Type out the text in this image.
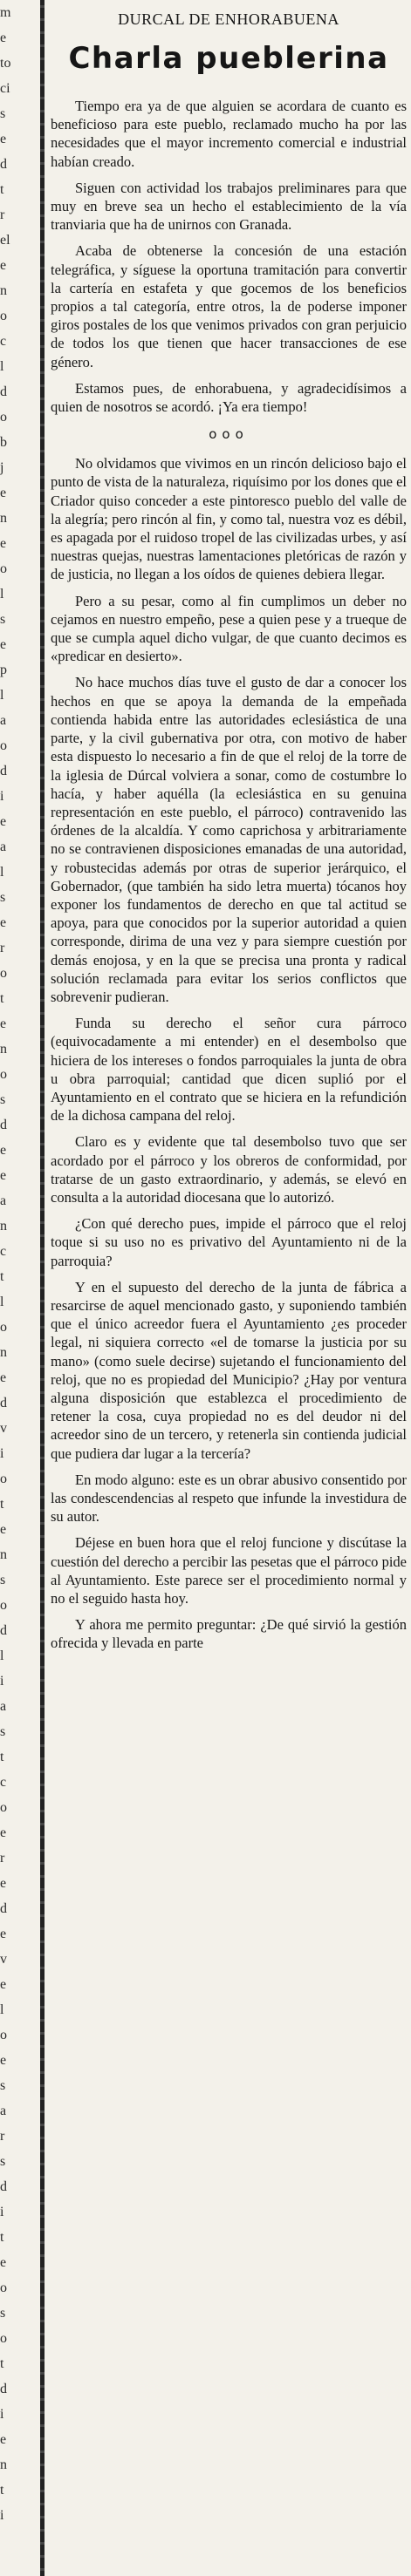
m
e
to
ci
s
e
d
t
r
el
e
n
o
c
l
d
o
b
j
e
n
e
o
l
s
e
p
l
a
o
d
i
e
a
l
s
e
r
o
t
e
n
o
s
d
e
e
a
n
c
t
l
o
n
e
d
v
i
o
t
e
n
s
o
d
l
i
a
s
t
c
o
e
r
e
d
e
v
e
l
o
e
s
a
r
s
d
i
t
e
o
s
o
t
d
i
e
n
t
i
DURCAL DE ENHORABUENA
Charla pueblerina

Tiempo era ya de que alguien se acordara de cuanto es beneficioso para este pueblo, reclamado mucho ha por las necesidades que el mayor incremento comercial e industrial habían creado.

Siguen con actividad los trabajos preliminares para que muy en breve sea un hecho el establecimiento de la vía tranviaria que ha de unirnos con Granada.

Acaba de obtenerse la concesión de una estación telegráfica, y síguese la oportuna tramitación para convertir la cartería en estafeta y que gocemos de los beneficios propios a tal categoría, entre otros, la de poderse imponer giros postales de los que venimos privados con gran perjuicio de todos los que tienen que hacer transacciones de ese género.

Estamos pues, de enhorabuena, y agradecidísimos a quien de nosotros se acordó. ¡Ya era tiempo!

ooo

No olvidamos que vivimos en un rincón delicioso bajo el punto de vista de la naturaleza, riquísimo por los dones que el Criador quiso conceder a este pintoresco pueblo del valle de la alegría; pero rincón al fin, y como tal, nuestra voz es débil, es apagada por el ruidoso tropel de las civilizadas urbes, y así nuestras quejas, nuestras lamentaciones pletóricas de razón y de justicia, no llegan a los oídos de quienes debiera llegar.

Pero a su pesar, como al fin cumplimos un deber no cejamos en nuestro empeño, pese a quien pese y a trueque de que se cumpla aquel dicho vulgar, de que cuanto decimos es «predicar en desierto».

No hace muchos días tuve el gusto de dar a conocer los hechos en que se apoya la demanda de la empeñada contienda habida entre las autoridades eclesiástica de una parte, y la civil gubernativa por otra, con motivo de haber esta dispuesto lo necesario a fin de que el reloj de la torre de la iglesia de Dúrcal volviera a sonar, como de costumbre lo hacía, y haber aquélla (la eclesiástica en su genuina representación en este pueblo, el párroco) contravenido las órdenes de la alcaldía. Y como caprichosa y arbitrariamente no se contravienen disposiciones emanadas de una autoridad, y robustecidas además por otras de superior jerárquico, el Gobernador, (que también ha sido letra muerta) tócanos hoy exponer los fundamentos de derecho en que tal actitud se apoya, para que conocidos por la superior autoridad a quien corresponde, dirima de una vez y para siempre cuestión por demás enojosa, y en la que se precisa una pronta y radical solución reclamada para evitar los serios conflictos que sobrevenir pudieran.

Funda su derecho el señor cura párroco (equivocadamente a mi entender) en el desembolso que hiciera de los intereses o fondos parroquiales la junta de obra u obra parroquial; cantidad que dicen suplió por el Ayuntamiento en el contrato que se hiciera en la refundición de la dichosa campana del reloj.

Claro es y evidente que tal desembolso tuvo que ser acordado por el párroco y los obreros de conformidad, por tratarse de un gasto extraordinario, y además, se elevó en consulta a la autoridad diocesana que lo autorizó.

¿Con qué derecho pues, impide el párroco que el reloj toque si su uso no es privativo del Ayuntamiento ni de la parroquia?

Y en el supuesto del derecho de la junta de fábrica a resarcirse de aquel mencionado gasto, y suponiendo también que el único acreedor fuera el Ayuntamiento ¿es proceder legal, ni siquiera correcto «el de tomarse la justicia por su mano» (como suele decirse) sujetando el funcionamiento del reloj, que no es propiedad del Municipio? ¿Hay por ventura alguna disposición que establezca el procedimiento de retener la cosa, cuya propiedad no es del deudor ni del acreedor sino de un tercero, y retenerla sin contienda judicial que pudiera dar lugar a la tercería?

En modo alguno: este es un obrar abusivo consentido por las condescendencias al respeto que infunde la investidura de su autor.

Déjese en buen hora que el reloj funcione y discútase la cuestión del derecho a percibir las pesetas que el párroco pide al Ayuntamiento. Este parece ser el procedimiento normal y no el seguido hasta hoy.

Y ahora me permito preguntar: ¿De qué sirvió la gestión ofrecida y llevada en parte
